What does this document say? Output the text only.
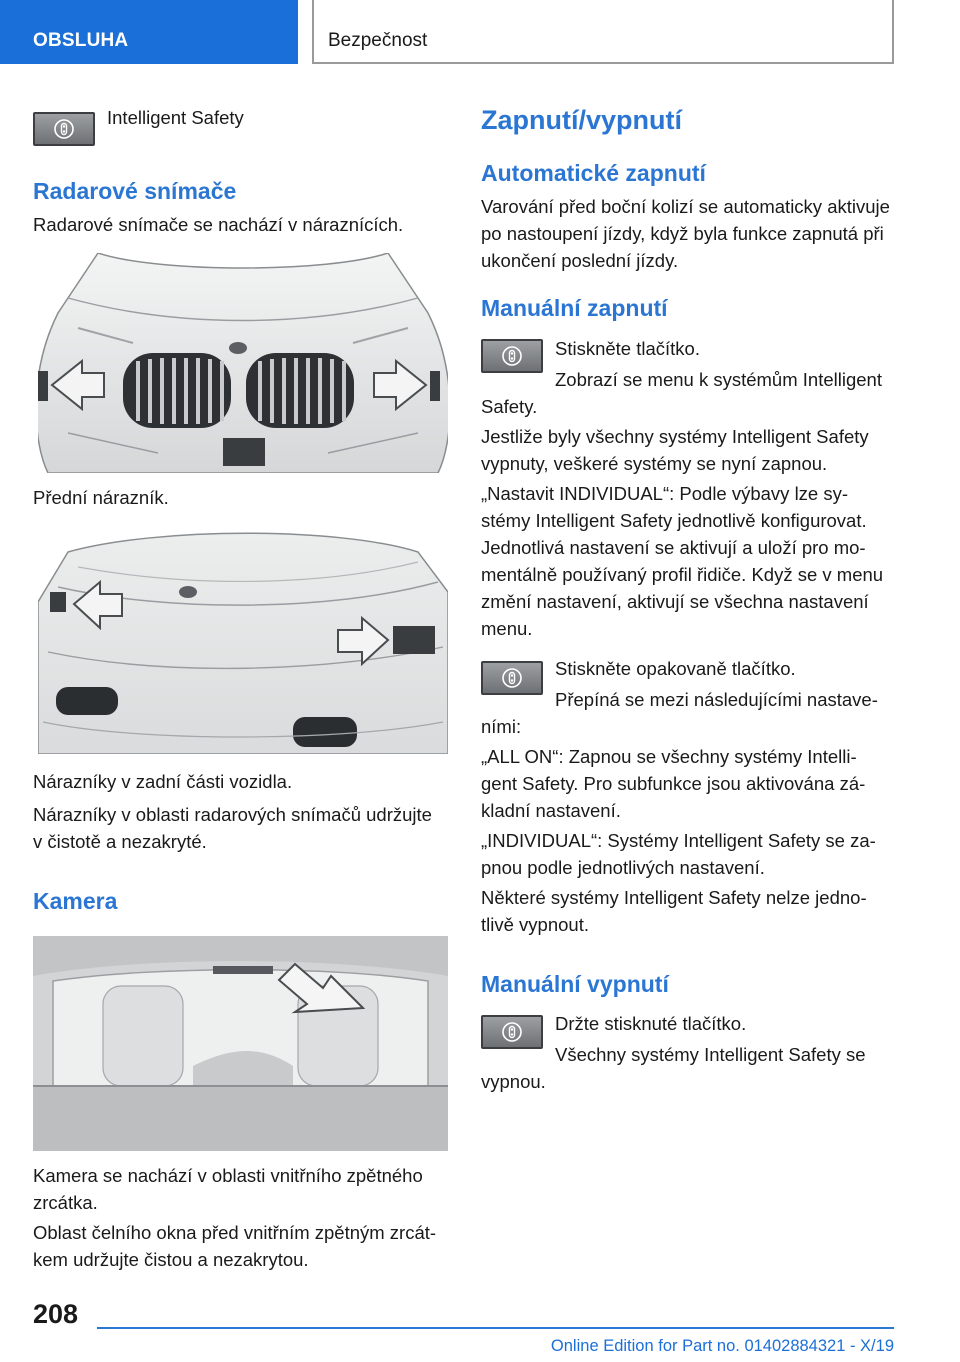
OBSLUHA	Bezpečnost

Intelligent Safety

Radarové snímače

Radarové snímače se nachází v náraznících.

Přední nárazník.

Nárazníky v zadní části vozidla.

Nárazníky v oblasti radarových snímačů udržujte

v čistotě a nezakryté.

Kamera

Kamera se nachází v oblasti vnitřního zpětného

zrcátka.

Oblast čelního okna před vnitřním zpětným zrcát-

kem udržujte čistou a nezakrytou.

Zapnutí/vypnutí

Automatické zapnutí

Varování před boční kolizí se automaticky aktivuje

po nastoupení jízdy, když byla funkce zapnutá při

ukončení poslední jízdy.

Manuální zapnutí

Stiskněte tlačítko.

Zobrazí se menu k systémům Intelligent

Safety.

Jestliže byly všechny systémy Intelligent Safety

vypnuty, veškeré systémy se nyní zapnou.

„Nastavit INDIVIDUAL“: Podle výbavy lze sy-

stémy Intelligent Safety jednotlivě konfigurovat.

Jednotlivá nastavení se aktivují a uloží pro mo-

mentálně používaný profil řidiče. Když se v menu

změní nastavení, aktivují se všechna nastavení

menu.

Stiskněte opakovaně tlačítko.

Přepíná se mezi následujícími nastave-

ními:

„ALL ON“: Zapnou se všechny systémy Intelli-

gent Safety. Pro subfunkce jsou aktivována zá-

kladní nastavení.

„INDIVIDUAL“: Systémy Intelligent Safety se za-

pnou podle jednotlivých nastavení.

Některé systémy Intelligent Safety nelze jedno-

tlivě vypnout.

Manuální vypnutí

Držte stisknuté tlačítko.

Všechny systémy Intelligent Safety se

vypnou.

208
Online Edition for Part no. 01402884321 - X/19
